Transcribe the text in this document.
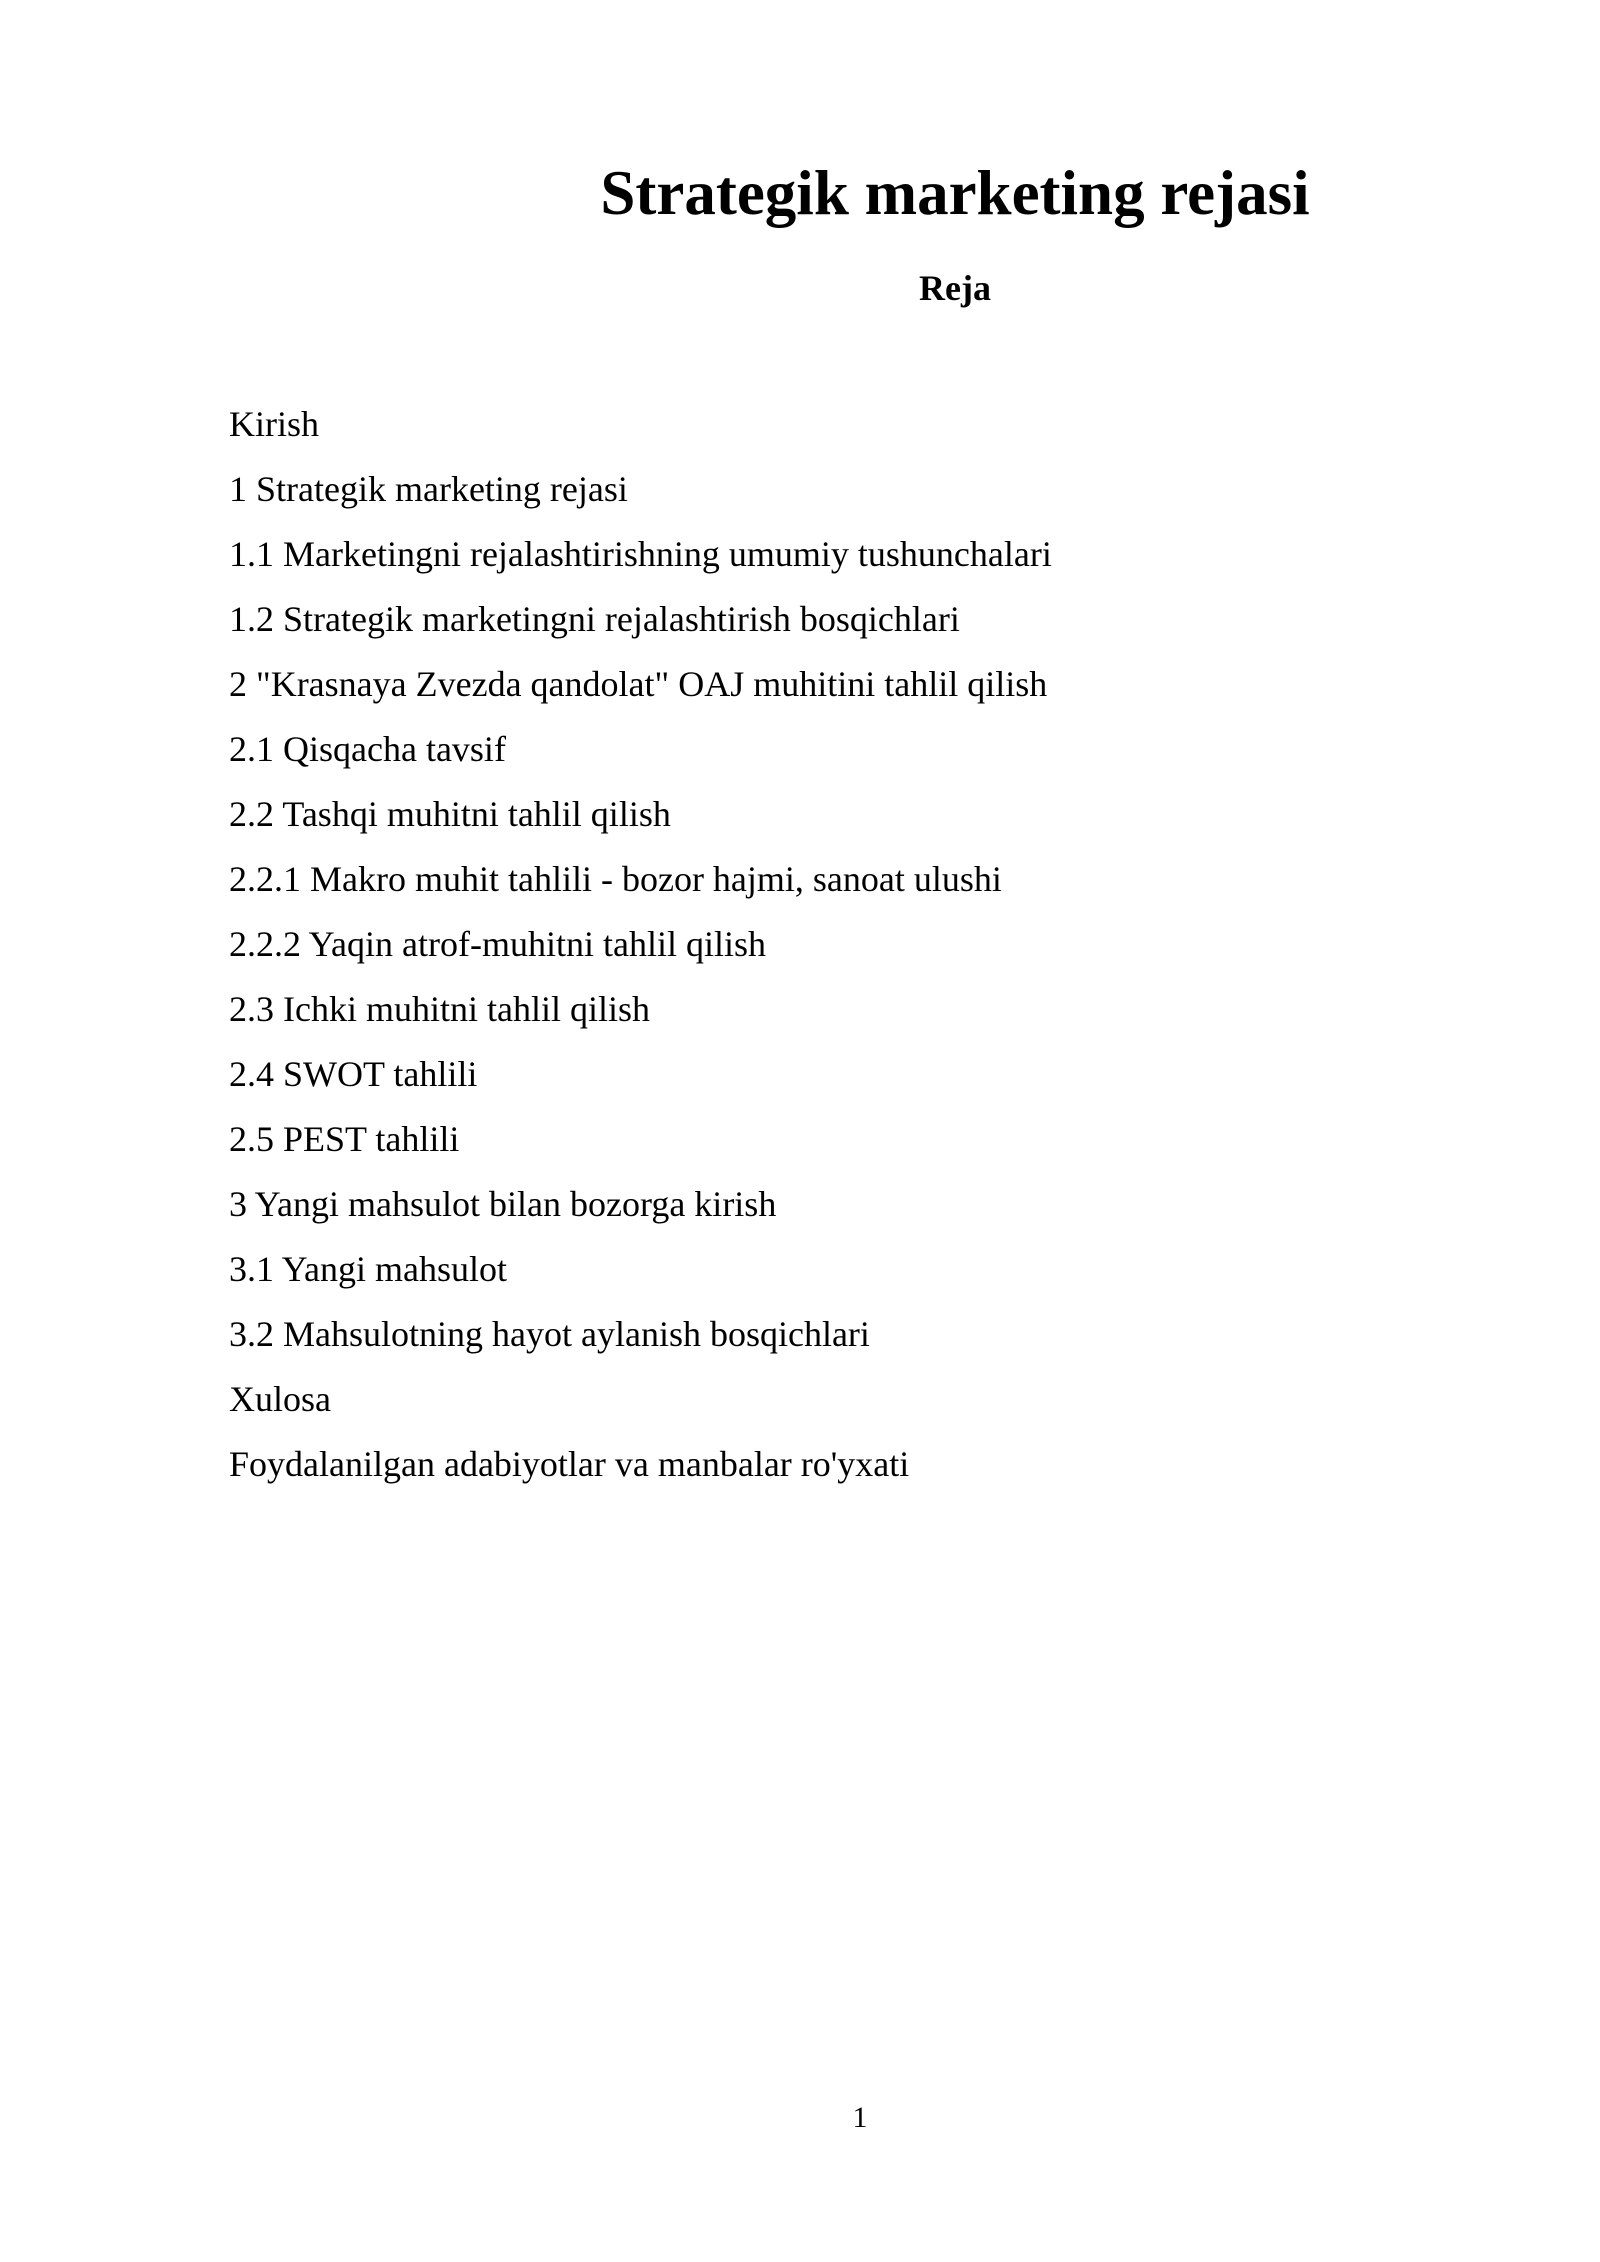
Strategik marketing rejasi
Reja
Kirish
1 Strategik marketing rejasi
1.1 Marketingni rejalashtirishning umumiy tushunchalari
1.2 Strategik marketingni rejalashtirish bosqichlari
2 "Krasnaya Zvezda qandolat" OAJ muhitini tahlil qilish
2.1 Qisqacha tavsif
2.2 Tashqi muhitni tahlil qilish
2.2.1 Makro muhit tahlili - bozor hajmi, sanoat ulushi
2.2.2 Yaqin atrof-muhitni tahlil qilish
2.3 Ichki muhitni tahlil qilish
2.4 SWOT tahlili
2.5 PEST tahlili
3 Yangi mahsulot bilan bozorga kirish
3.1 Yangi mahsulot
3.2 Mahsulotning hayot aylanish bosqichlari
Xulosa
Foydalanilgan adabiyotlar va manbalar ro'yxati
1
